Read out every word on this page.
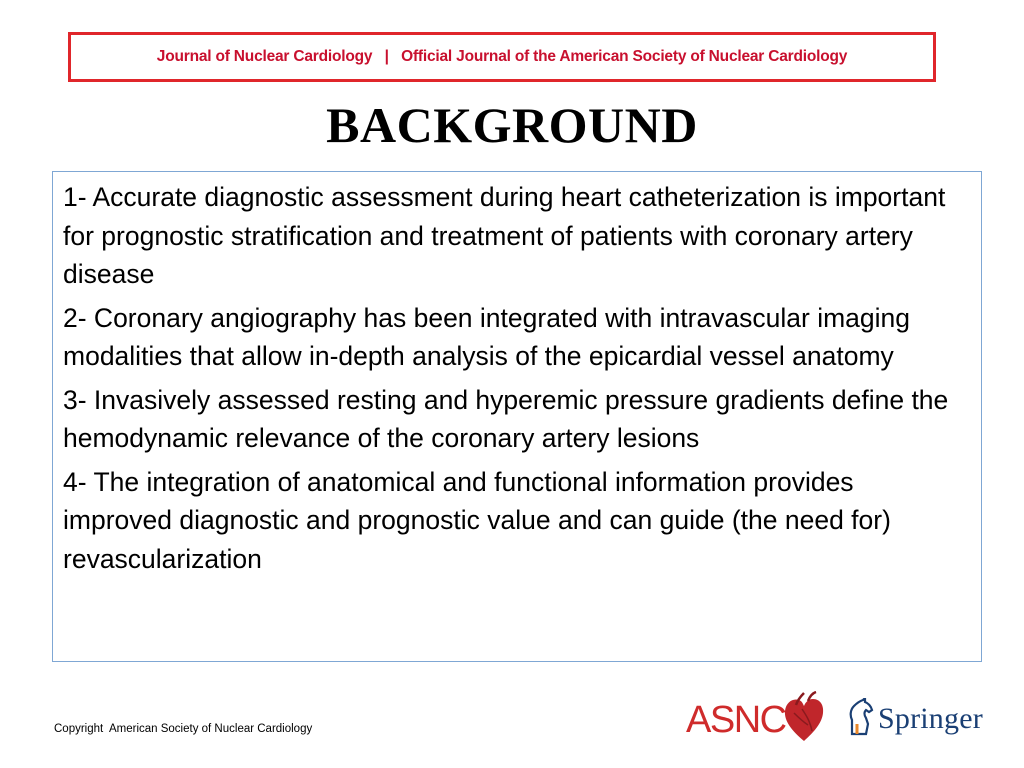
Journal of Nuclear Cardiology   |   Official Journal of the American Society of Nuclear Cardiology
BACKGROUND

1- Accurate diagnostic assessment during heart catheterization is important for prognostic stratification and treatment of patients with coronary artery disease

2- Coronary angiography has been integrated with intravascular imaging modalities that allow in-depth analysis of the epicardial vessel anatomy

3- Invasively assessed resting and hyperemic pressure gradients define the hemodynamic relevance of the coronary artery lesions

4- The integration of anatomical and functional information provides improved diagnostic and prognostic value and can guide (the need for) revascularization

Copyright  American Society of Nuclear Cardiology	ASNC	Springer
